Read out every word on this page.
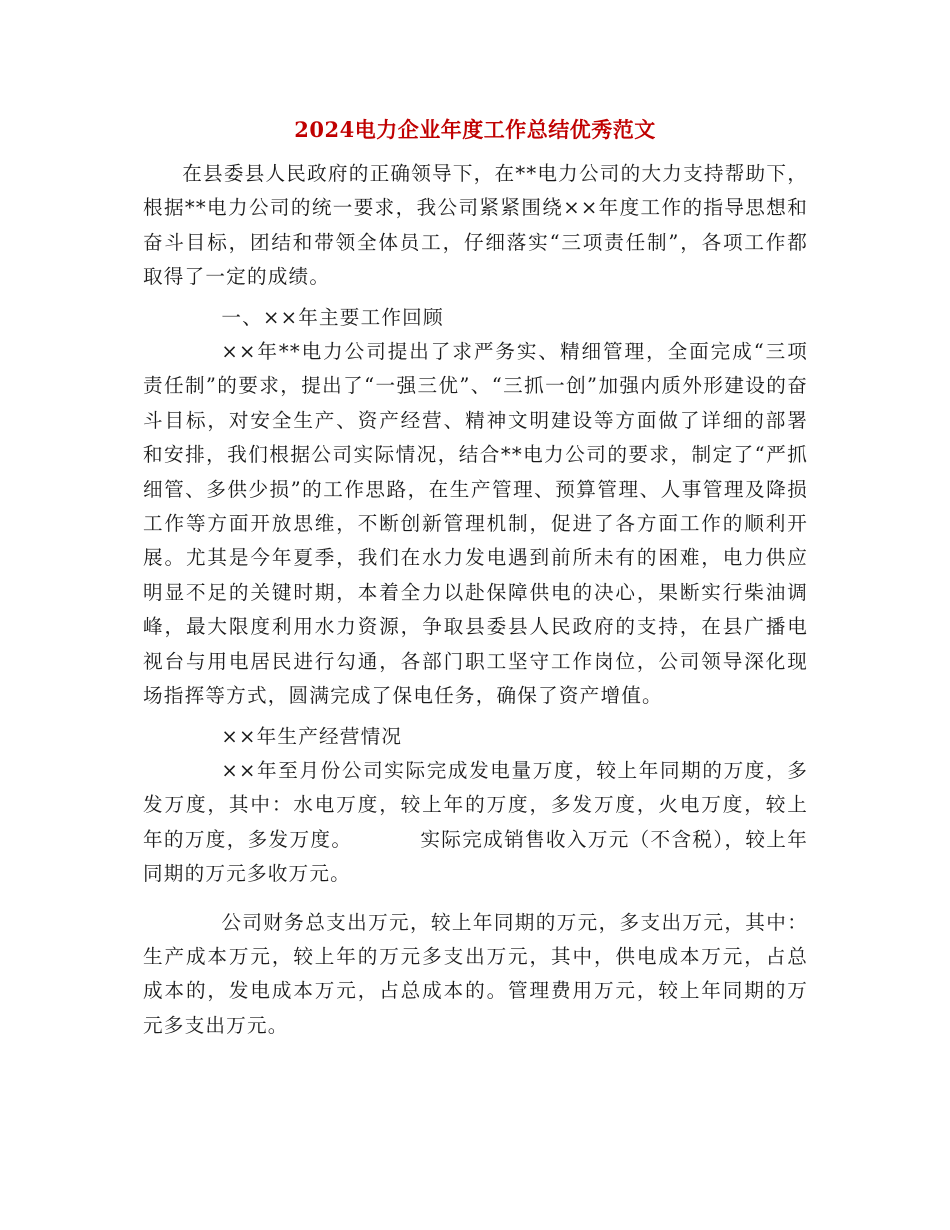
2024电力企业年度工作总结优秀范文

在县委县人民政府的正确领导下，在**电力公司的大力支持帮助下，根据**电力公司的统一要求，我公司紧紧围绕××年度工作的指导思想和奋斗目标，团结和带领全体员工，仔细落实“三项责任制”，各项工作都取得了一定的成绩。

一、××年主要工作回顾

××年**电力公司提出了求严务实、精细管理，全面完成“三项责任制”的要求，提出了“一强三优”、“三抓一创”加强内质外形建设的奋斗目标，对安全生产、资产经营、精神文明建设等方面做了详细的部署和安排，我们根据公司实际情况，结合**电力公司的要求，制定了“严抓细管、多供少损”的工作思路，在生产管理、预算管理、人事管理及降损工作等方面开放思维，不断创新管理机制，促进了各方面工作的顺利开展。尤其是今年夏季，我们在水力发电遇到前所未有的困难，电力供应明显不足的关键时期，本着全力以赴保障供电的决心，果断实行柴油调峰，最大限度利用水力资源，争取县委县人民政府的支持，在县广播电视台与用电居民进行勾通，各部门职工坚守工作岗位，公司领导深化现场指挥等方式，圆满完成了保电任务，确保了资产增值。

××年生产经营情况

××年至月份公司实际完成发电量万度，较上年同期的万度，多发万度，其中：水电万度，较上年的万度，多发万度，火电万度，较上年的万度，多发万度。	实际完成销售收入万元（不含税），较上年同期的万元多收万元。

公司财务总支出万元，较上年同期的万元，多支出万元，其中：生产成本万元，较上年的万元多支出万元，其中，供电成本万元，占总成本的，发电成本万元，占总成本的。管理费用万元，较上年同期的万元多支出万元。
